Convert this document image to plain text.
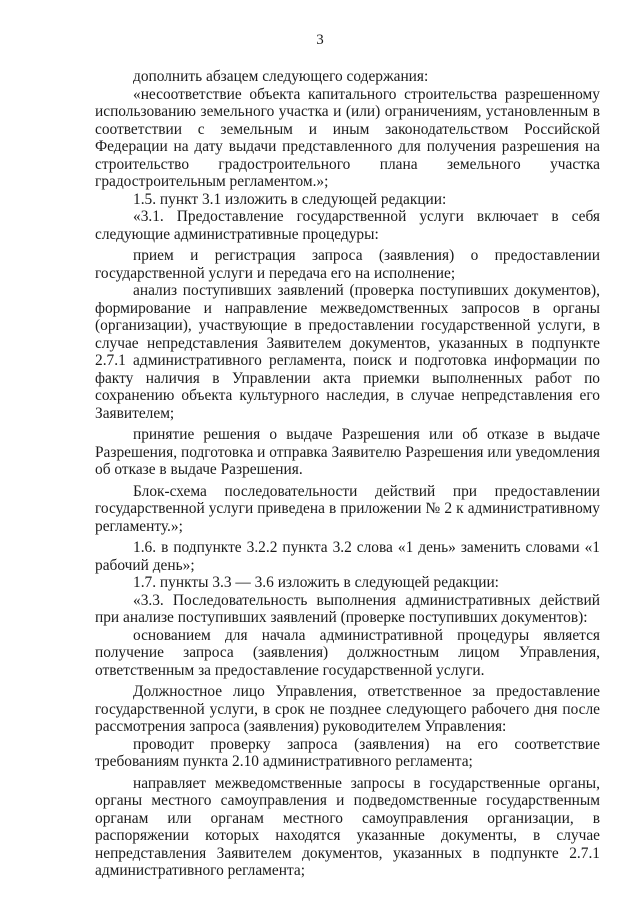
3

дополнить абзацем следующего содержания:

«несоответствие объекта капитального строительства разрешенному использованию земельного участка и (или) ограничениям, установленным в соответствии с земельным и иным законодательством Российской Федерации на дату выдачи представленного для получения разрешения на строительство градостроительного плана земельного участка градостроительным регламентом.»;

1.5. пункт 3.1 изложить в следующей редакции:

«3.1. Предоставление государственной услуги включает в себя следующие административные процедуры:

прием и регистрация запроса (заявления) о предоставлении государственной услуги и передача его на исполнение;

анализ поступивших заявлений (проверка поступивших документов), формирование и направление межведомственных запросов в органы (организации), участвующие в предоставлении государственной услуги, в случае непредставления Заявителем документов, указанных в подпункте 2.7.1 административного регламента, поиск и подготовка информации по факту наличия в Управлении акта приемки выполненных работ по сохранению объекта культурного наследия, в случае непредставления его Заявителем;

принятие решения о выдаче Разрешения или об отказе в выдаче Разрешения, подготовка и отправка Заявителю Разрешения или уведомления об отказе в выдаче Разрешения.

Блок-схема последовательности действий при предоставлении государственной услуги приведена в приложении № 2 к административному регламенту.»;

1.6. в подпункте 3.2.2 пункта 3.2 слова «1 день» заменить словами «1 рабочий день»;

1.7. пункты 3.3 — 3.6 изложить в следующей редакции:

«3.3. Последовательность выполнения административных действий при анализе поступивших заявлений (проверке поступивших документов):

основанием для начала административной процедуры является получение запроса (заявления) должностным лицом Управления, ответственным за предоставление государственной услуги.

Должностное лицо Управления, ответственное за предоставление государственной услуги, в срок не позднее следующего рабочего дня после рассмотрения запроса (заявления) руководителем Управления:

проводит проверку запроса (заявления) на его соответствие требованиям пункта 2.10 административного регламента;

направляет межведомственные запросы в государственные органы, органы местного самоуправления и подведомственные государственным органам или органам местного самоуправления организации, в распоряжении которых находятся указанные документы, в случае непредставления Заявителем документов, указанных в подпункте 2.7.1 административного регламента;
